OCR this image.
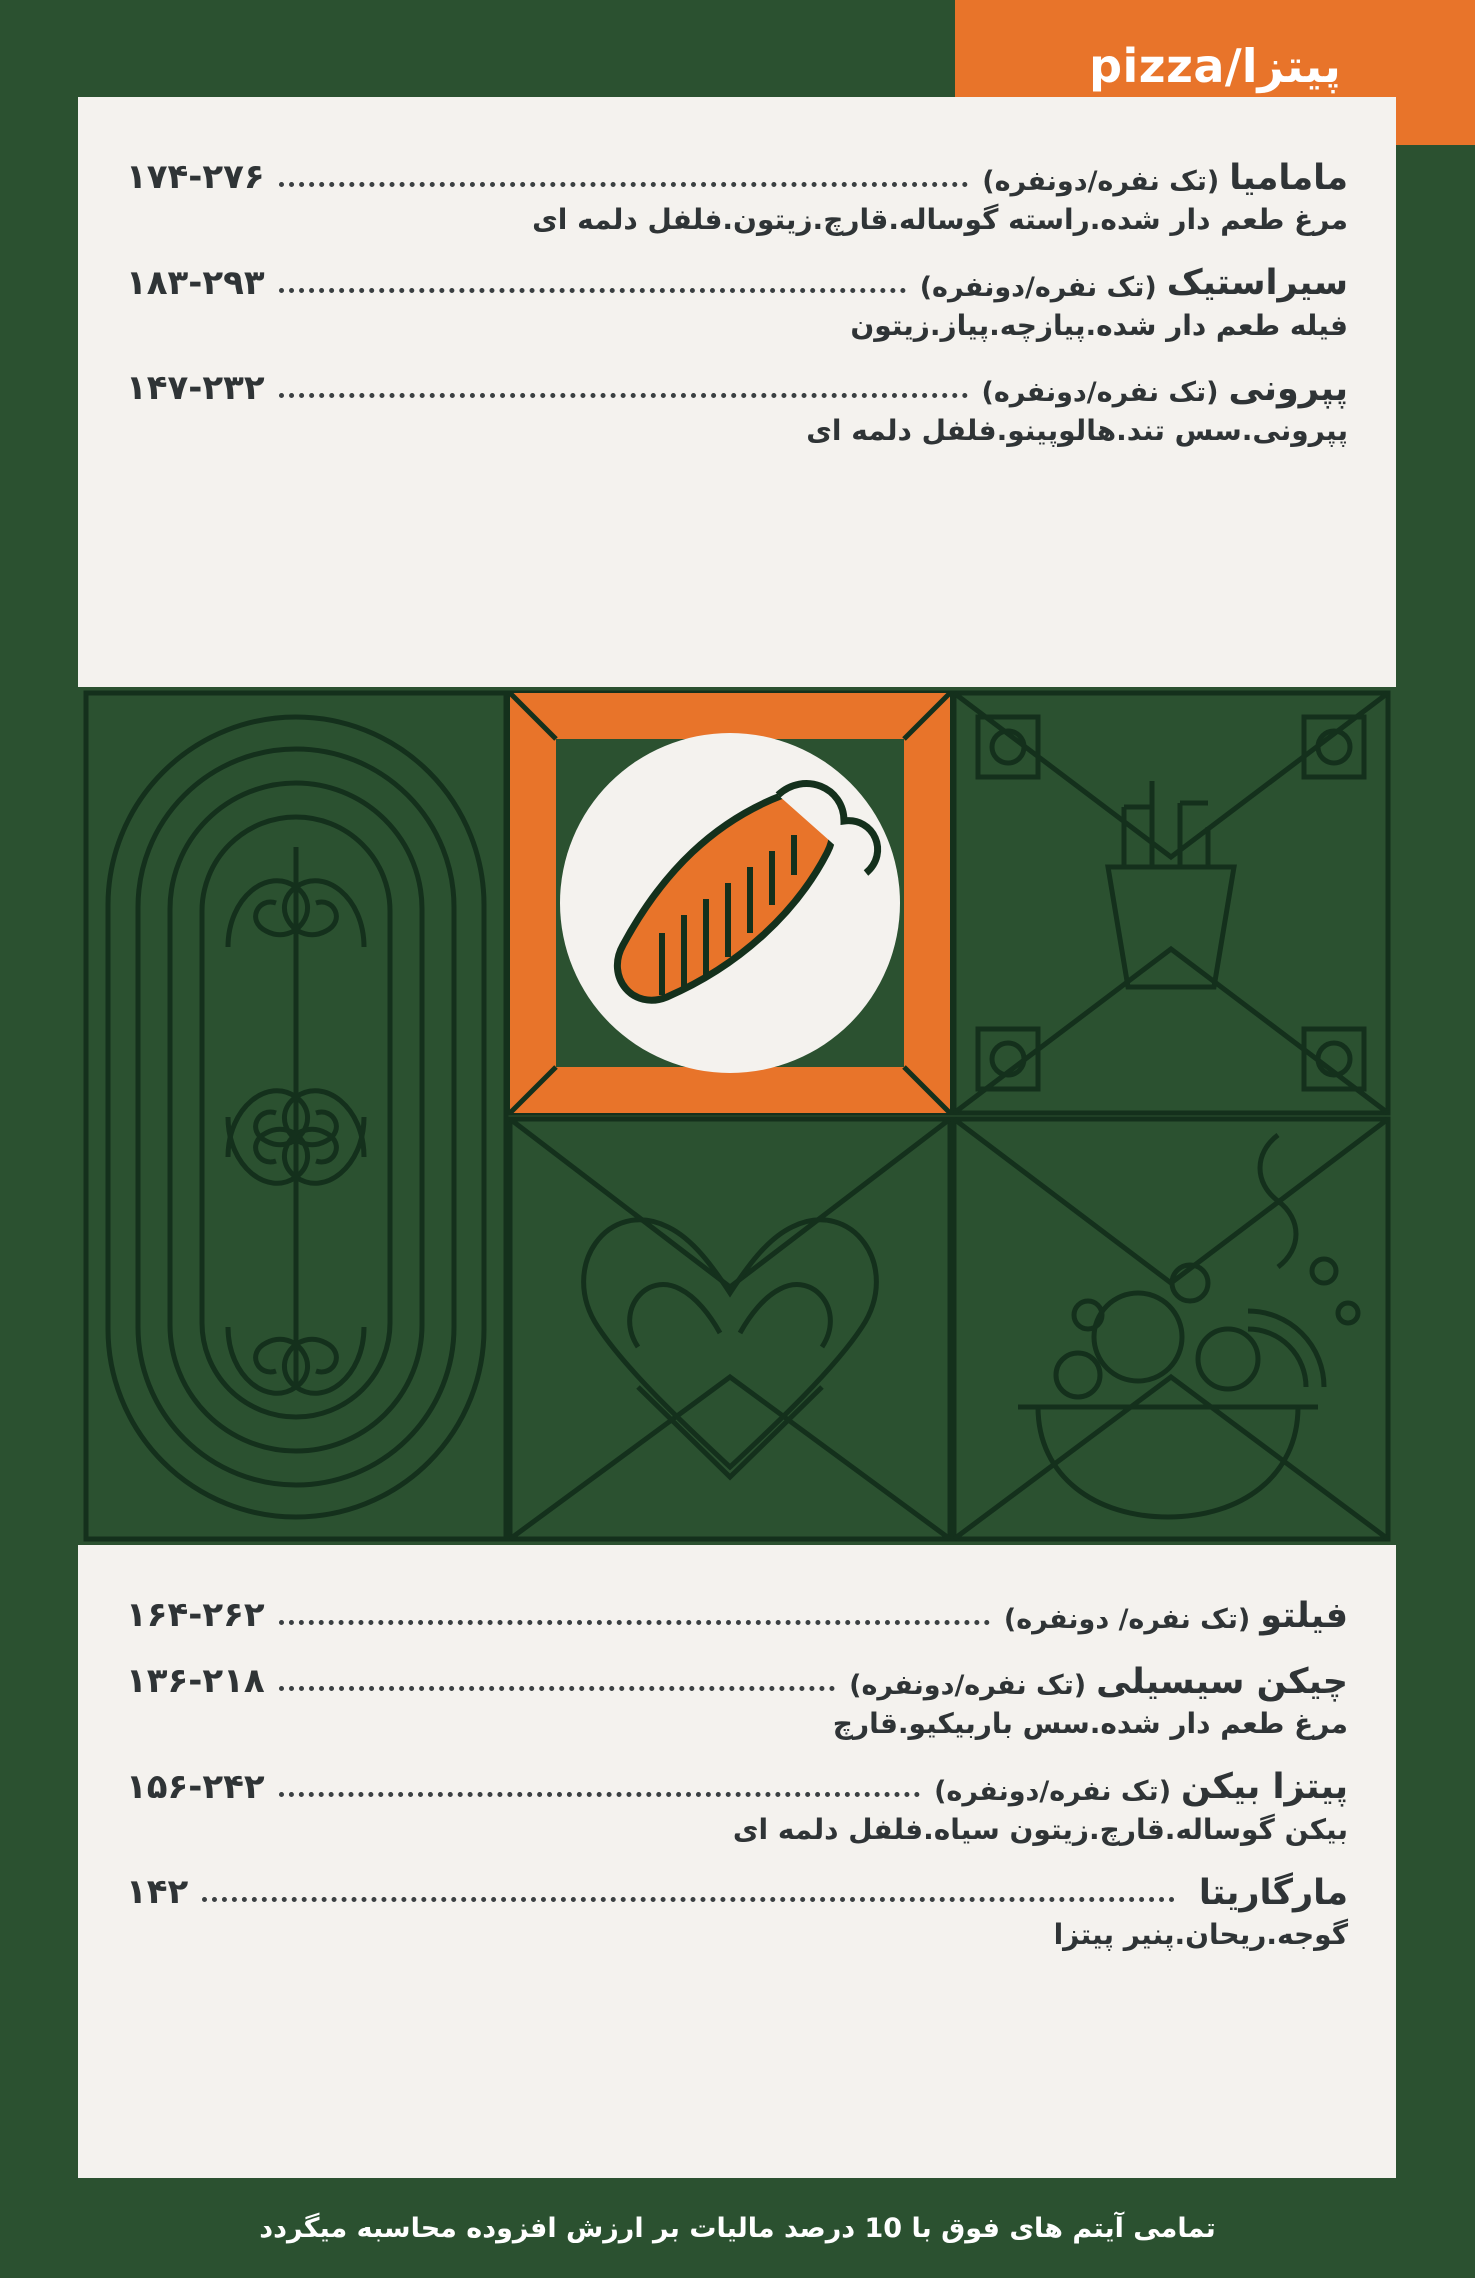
پیتزا/pizza
ماماميا
(تک نفره/دونفره)
۱۷۴-۲۷۶
مرغ طعم دار شده.راسته گوساله.قارچ.زیتون.فلفل دلمه ای
سیراستیک
(تک نفره/دونفره)
۱۸۳-۲۹۳
فیله طعم دار شده.پیازچه.پیاز.زیتون
پپرونی
(تک نفره/دونفره)
۱۴۷-۲۳۲
پپرونی.سس تند.هالوپینو.فلفل دلمه ای
فیلتو
(تک نفره/ دونفره)
۱۶۴-۲۶۲
چیکن سیسیلی
(تک نفره/دونفره)
۱۳۶-۲۱۸
مرغ طعم دار شده.سس باربیکیو.قارچ
پیتزا بیکن
(تک نفره/دونفره)
۱۵۶-۲۴۲
بیکن گوساله.قارچ.زیتون سیاه.فلفل دلمه ای
مارگاریتا
۱۴۲
گوجه.ریحان.پنیر پیتزا
تمامی آیتم های فوق با 10 درصد مالیات بر ارزش افزوده محاسبه میگردد
